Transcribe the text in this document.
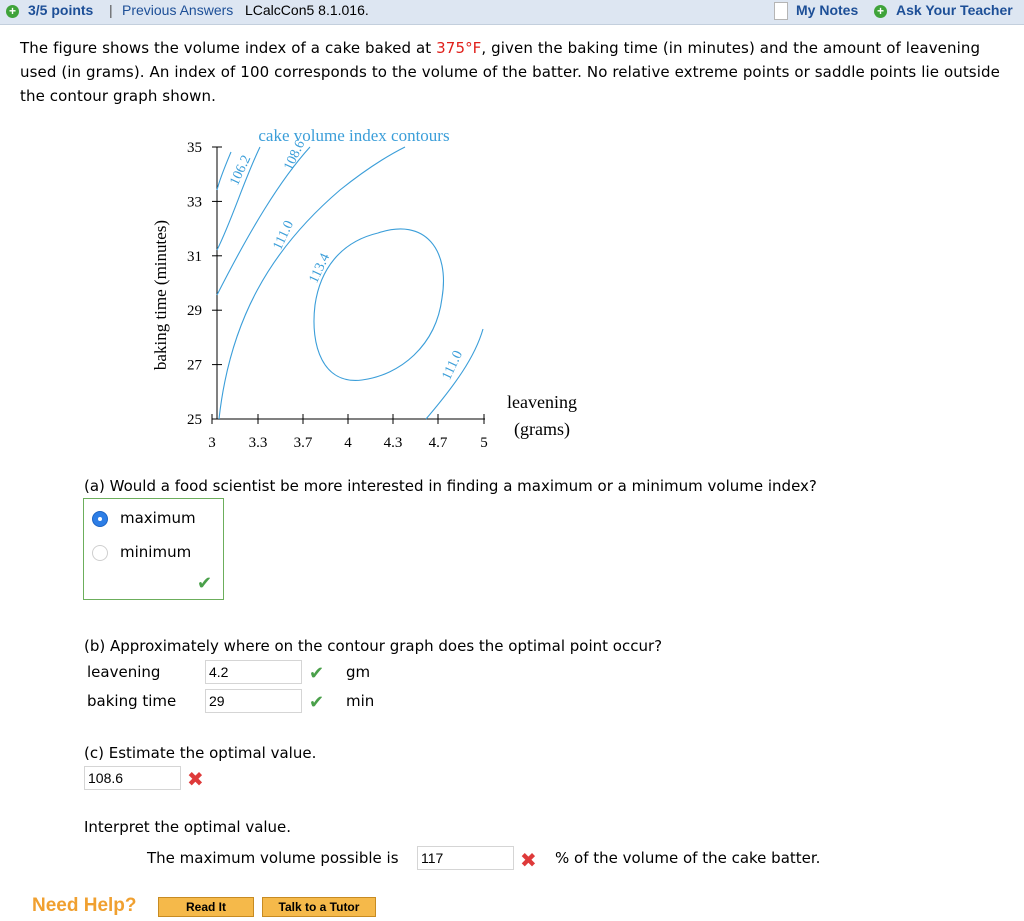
+ 3/5 points | Previous Answers LCalcCon5 8.1.016.	My Notes + Ask Your Teacher
The figure shows the volume index of a cake baked at 375°F, given the baking time (in minutes) and the amount of leavening used (in grams). An index of 100 corresponds to the volume of the batter. No relative extreme points or saddle points lie outside the contour graph shown.
cake volume index contours
baking time (minutes)
leavening
(grams)
25
27
29
31
33
35
3 3.3 3.7 4 4.3 4.7 5
106.2 108.6
111.0
113.4
111.0
(a) Would a food scientist be more interested in finding a maximum or a minimum volume index?
maximum
minimum
✔
(b) Approximately where on the contour graph does the optimal point occur?
leavening	4.2	✔ gm
baking time 29	✔ min
(c) Estimate the optimal value.
108.6	✖
Interpret the optimal value.
The maximum volume possible is 117	✖ % of the volume of the cake batter.
Need Help?	Read It	Talk to a Tutor
